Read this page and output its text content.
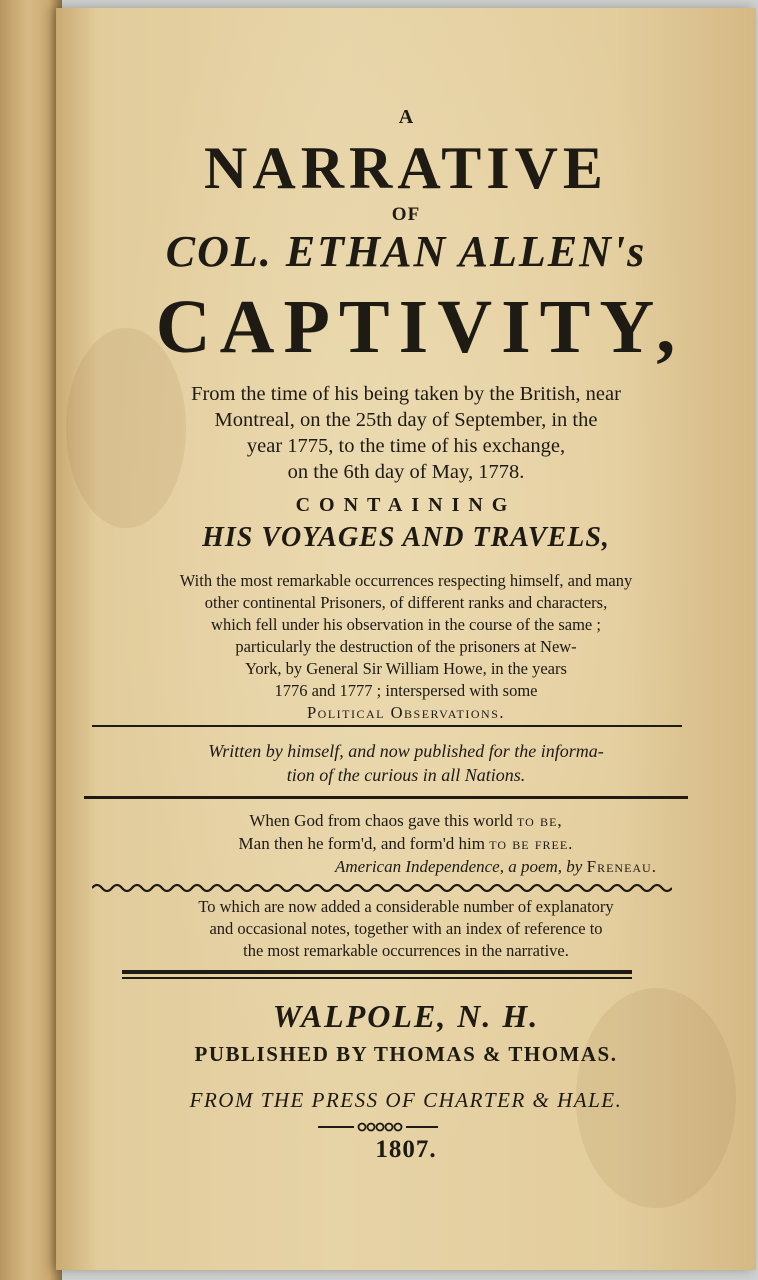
A
NARRATIVE
OF
COL. ETHAN ALLEN's
CAPTIVITY,
From the time of his being taken by the British, near
Montreal, on the 25th day of September, in the
year 1775, to the time of his exchange,
on the 6th day of May, 1778.
CONTAINING
HIS VOYAGES AND TRAVELS,
With the most remarkable occurrences respecting himself, and many
other continental Prisoners, of different ranks and characters,
which fell under his observation in the course of the same ;
particularly the destruction of the prisoners at New-
York, by General Sir William Howe, in the years
1776 and 1777 ; interspersed with some
Political Observations.
Written by himself, and now published for the informa-
tion of the curious in all Nations.
When God from chaos gave this world to be,
Man then he form'd, and form'd him to be free.
American Independence, a poem, by Freneau.
To which are now added a considerable number of explanatory
and occasional notes, together with an index of reference to
the most remarkable occurrences in the narrative.
WALPOLE, N. H.
PUBLISHED BY THOMAS & THOMAS.
FROM THE PRESS OF CHARTER & HALE.
1807.
